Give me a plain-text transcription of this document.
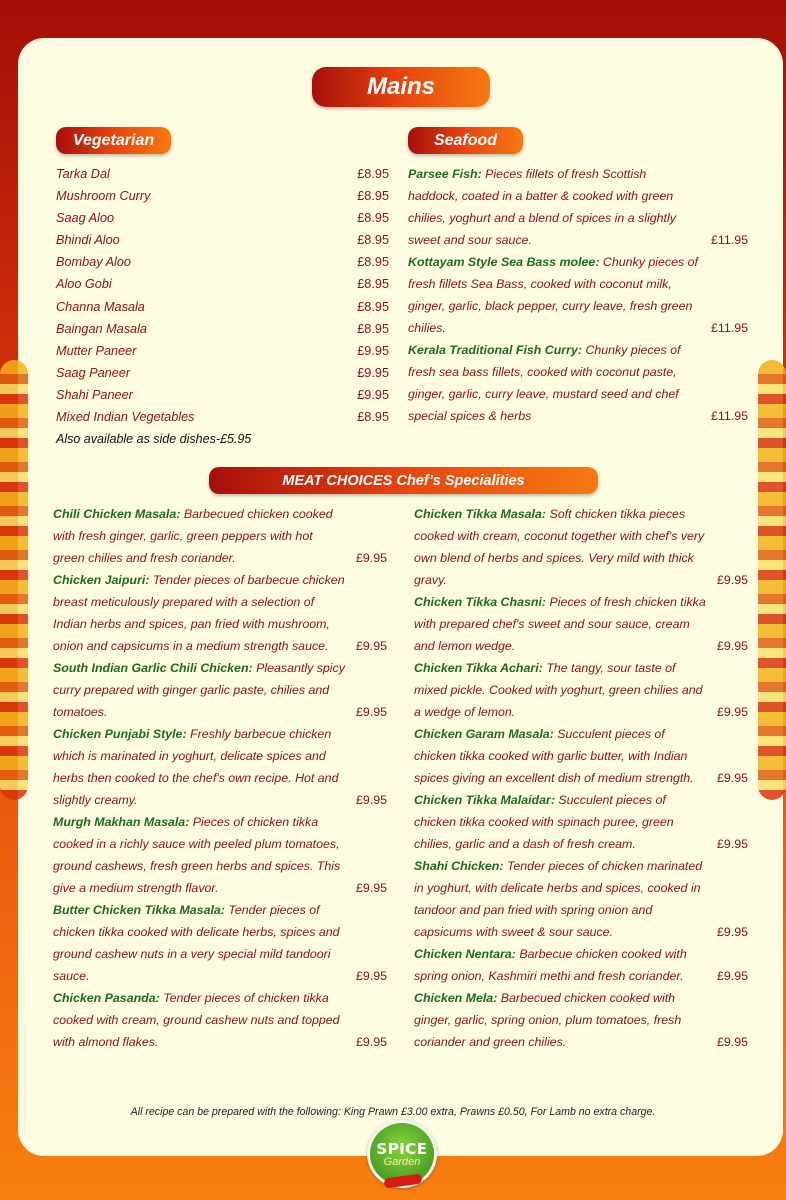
Mains
Vegetarian	Seafood
MEAT CHOICES Chef’s Specialities
Tarka Dal	£8.95
Mushroom Curry	£8.95
Saag Aloo	£8.95
Bhindi Aloo	£8.95
Bombay Aloo	£8.95
Aloo Gobi	£8.95
Channa Masala	£8.95
Baingan Masala	£8.95
Mutter Paneer	£9.95
Saag Paneer	£9.95
Shahi Paneer	£9.95
Mixed Indian Vegetables	£8.95
Also available as side dishes-£5.95
Parsee Fish: Pieces fillets of fresh Scottish haddock, coated in a batter & cooked with green chilies, yoghurt and a blend of spices in a slightly sweet and sour sauce.	£11.95
Kottayam Style Sea Bass molee: Chunky pieces of fresh fillets Sea Bass, cooked with coconut milk, ginger, garlic, black pepper, curry leave, fresh green chilies.	£11.95
Kerala Traditional Fish Curry: Chunky pieces of fresh sea bass fillets, cooked with coconut paste, ginger, garlic, curry leave, mustard seed and chef special spices & herbs	£11.95
Chili Chicken Masala: Barbecued chicken cooked with fresh ginger, garlic, green peppers with hot green chilies and fresh coriander.	£9.95
Chicken Jaipuri: Tender pieces of barbecue chicken breast meticulously prepared with a selection of Indian herbs and spices, pan fried with mushroom, onion and capsicums in a medium strength sauce. £9.95
South Indian Garlic Chili Chicken: Pleasantly spicy curry prepared with ginger garlic paste, chilies and tomatoes.	£9.95
Chicken Punjabi Style: Freshly barbecue chicken which is marinated in yoghurt, delicate spices and herbs then cooked to the chef's own recipe. Hot and slightly creamy.	£9.95
Murgh Makhan Masala: Pieces of chicken tikka cooked in a richly sauce with peeled plum tomatoes, ground cashews, fresh green herbs and spices. This give a medium strength flavor.	£9.95
Butter Chicken Tikka Masala: Tender pieces of chicken tikka cooked with delicate herbs, spices and ground cashew nuts in a very special mild tandoori sauce.	£9.95
Chicken Pasanda: Tender pieces of chicken tikka cooked with cream, ground cashew nuts and topped with almond flakes.	£9.95
Chicken Tikka Masala: Soft chicken tikka pieces cooked with cream, coconut together with chef's very own blend of herbs and spices. Very mild with thick gravy.	£9.95
Chicken Tikka Chasni: Pieces of fresh chicken tikka with prepared chef's sweet and sour sauce, cream and lemon wedge.	£9.95
Chicken Tikka Achari: The tangy, sour taste of mixed pickle. Cooked with yoghurt, green chilies and a wedge of lemon.	£9.95
Chicken Garam Masala: Succulent pieces of chicken tikka cooked with garlic butter, with Indian spices giving an excellent dish of medium strength. £9.95
Chicken Tikka Malaidar: Succulent pieces of chicken tikka cooked with spinach puree, green chilies, garlic and a dash of fresh cream.	£9.95
Shahi Chicken: Tender pieces of chicken marinated in yoghurt, with delicate herbs and spices, cooked in tandoor and pan fried with spring onion and capsicums with sweet & sour sauce.	£9.95
Chicken Nentara: Barbecue chicken cooked with spring onion, Kashmiri methi and fresh coriander.	£9.95
Chicken Mela: Barbecued chicken cooked with ginger, garlic, spring onion, plum tomatoes, fresh coriander and green chilies.	£9.95
All recipe can be prepared with the following: King Prawn £3.00 extra, Prawns £0.50, For Lamb no extra charge.
SPICE
Garden
